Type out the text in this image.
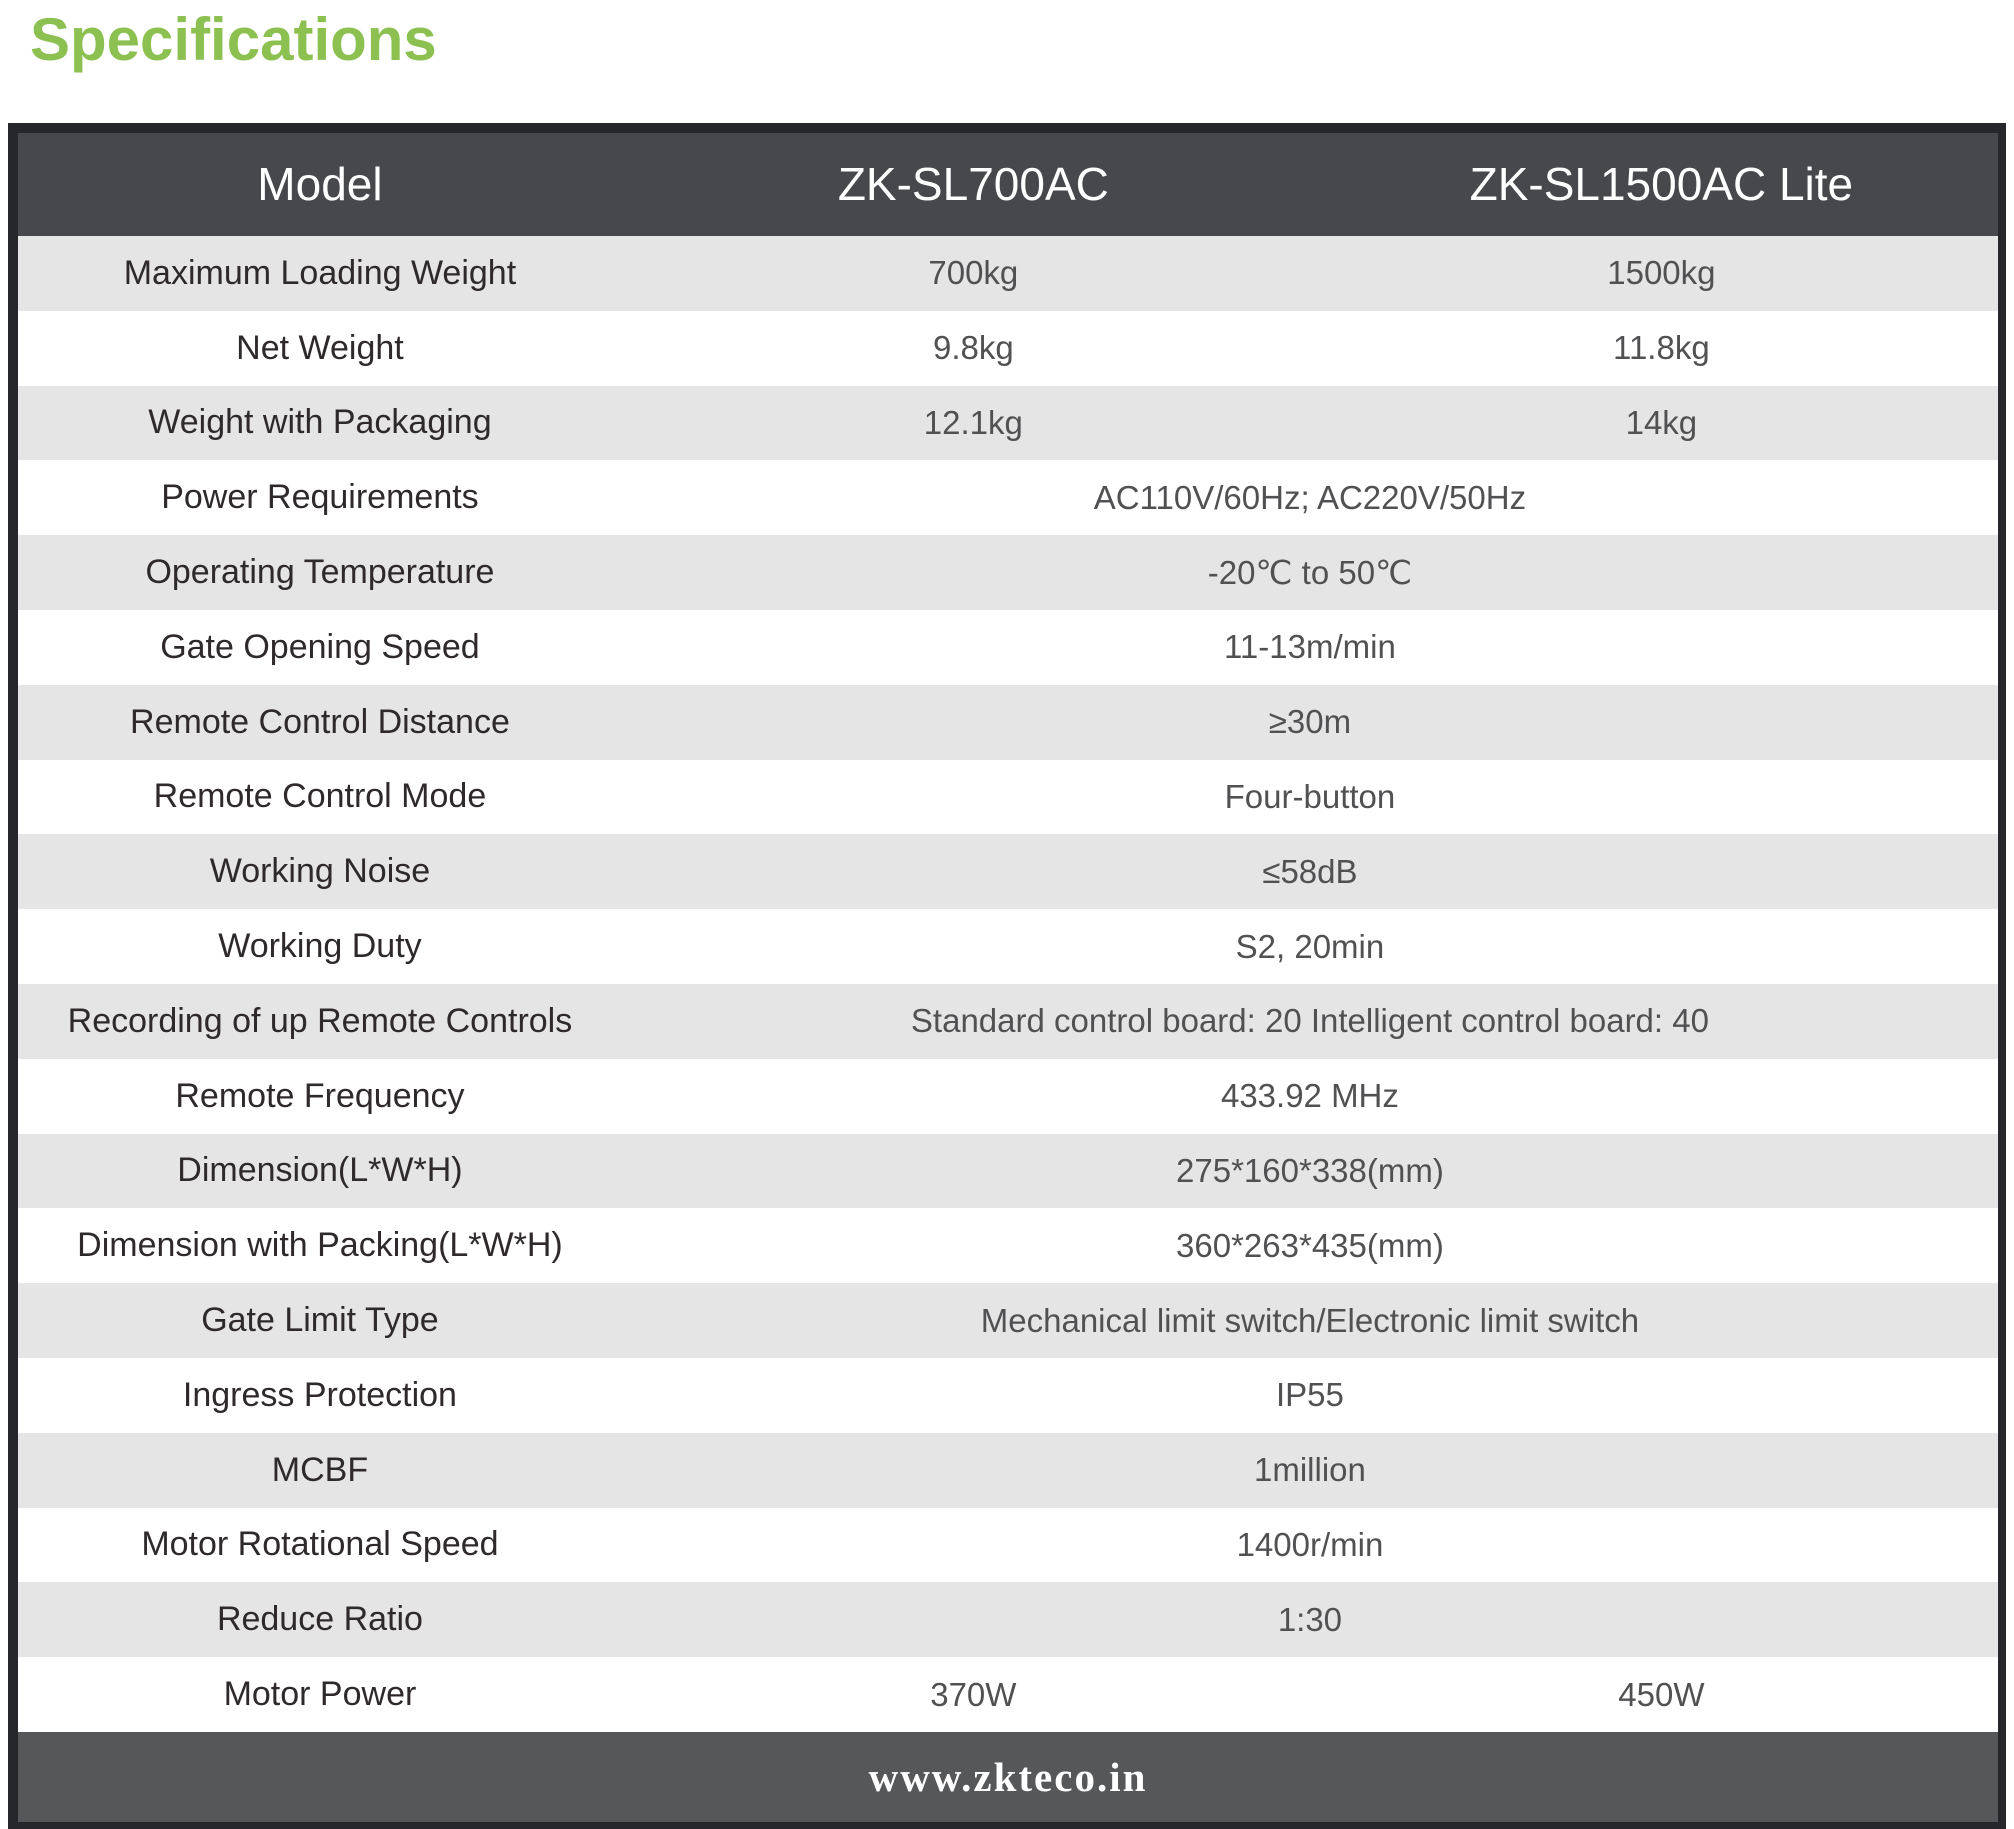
Specifications
Model	ZK-SL700AC	ZK-SL1500AC Lite
Maximum Loading Weight	700kg	1500kg
Net Weight	9.8kg	11.8kg
Weight with Packaging	12.1kg	14kg
Power Requirements	AC110V/60Hz; AC220V/50Hz
Operating Temperature	-20℃ to 50℃
Gate Opening Speed	11-13m/min
Remote Control Distance	≥30m
Remote Control Mode	Four-button
Working Noise	≤58dB
Working Duty	S2, 20min
Recording of up Remote Controls	Standard control board: 20 Intelligent control board: 40
Remote Frequency	433.92 MHz
Dimension(L*W*H)	275*160*338(mm)
Dimension with Packing(L*W*H)	360*263*435(mm)
Gate Limit Type	Mechanical limit switch/Electronic limit switch
Ingress Protection	IP55
MCBF	1million
Motor Rotational Speed	1400r/min
Reduce Ratio	1:30
Motor Power	370W	450W
www.zkteco.in
